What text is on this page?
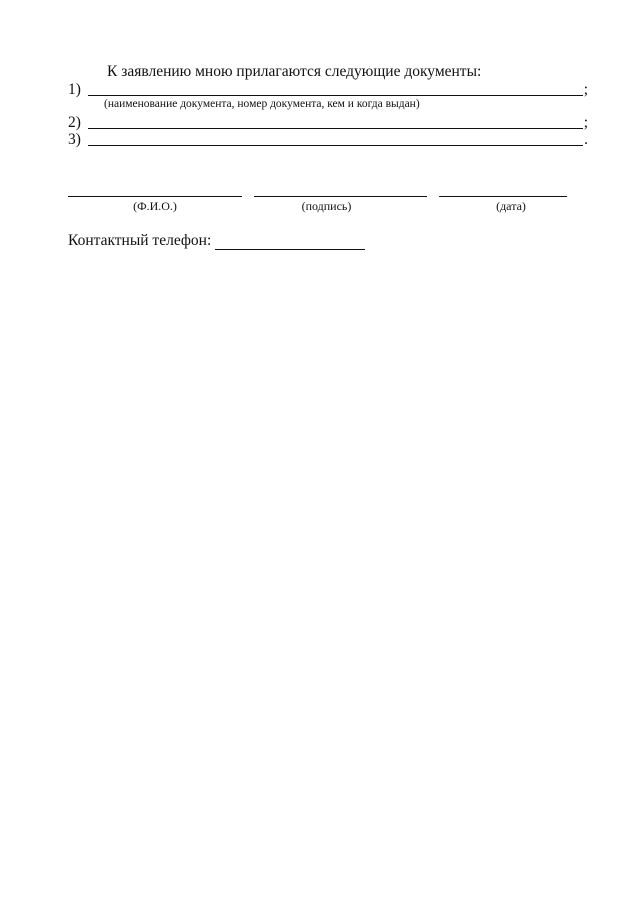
К заявлению мною прилагаются следующие документы:
1)	;
(наименование документа, номер документа, кем и когда выдан)
2)	;
3)	.
(Ф.И.О.)	(подпись)	(дата)
Контактный телефон:
